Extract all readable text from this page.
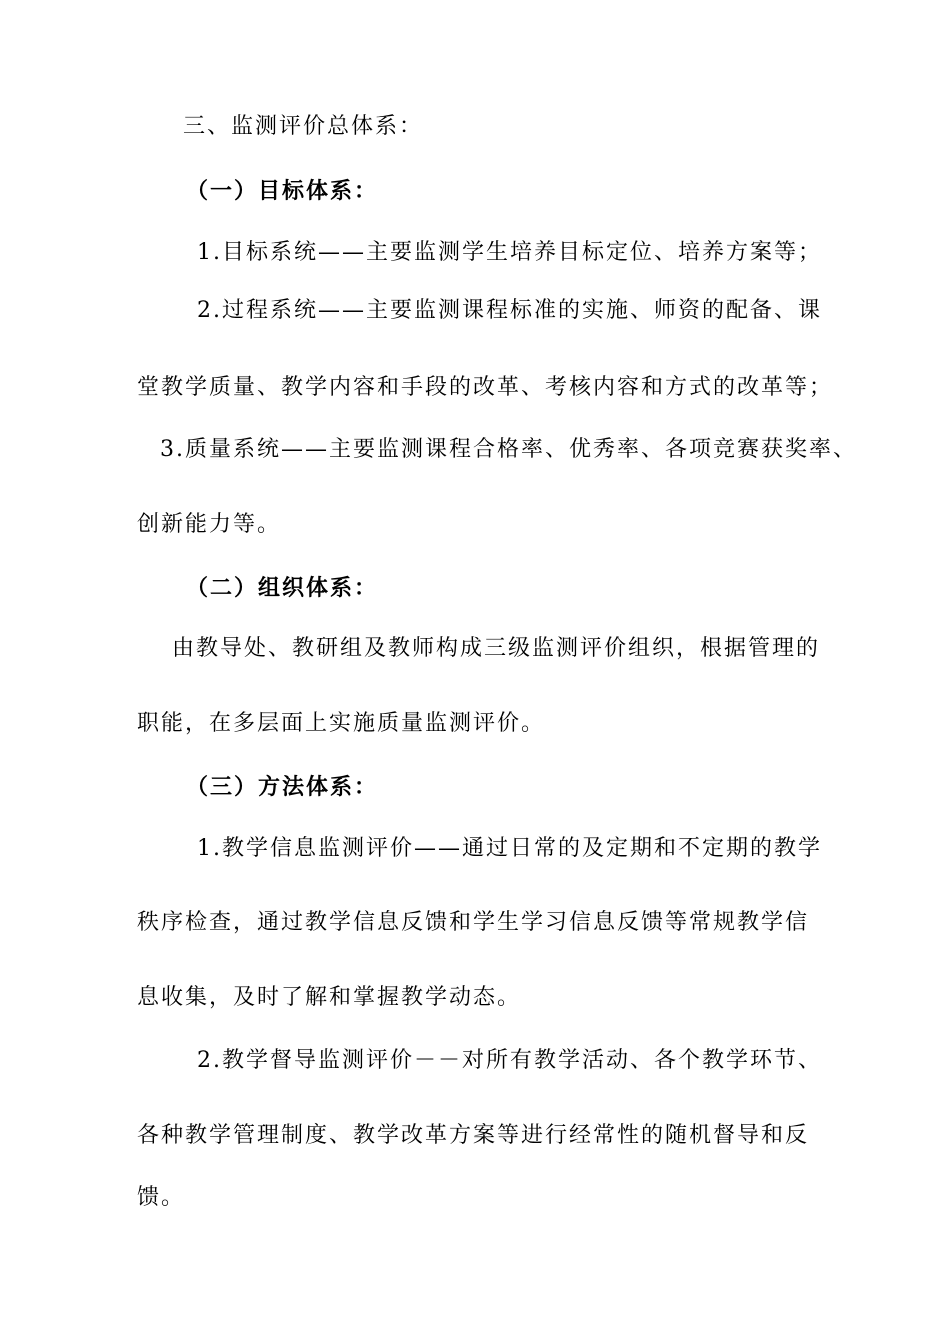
三、监测评价总体系：
（一）目标体系：
1.目标系统——主要监测学生培养目标定位、培养方案等；
2.过程系统——主要监测课程标准的实施、师资的配备、课
堂教学质量、教学内容和手段的改革、考核内容和方式的改革等；
3.质量系统——主要监测课程合格率、优秀率、各项竞赛获奖率、
创新能力等。
（二）组织体系：
由教导处、教研组及教师构成三级监测评价组织，根据管理的
职能，在多层面上实施质量监测评价。
（三）方法体系：
1.教学信息监测评价——通过日常的及定期和不定期的教学
秩序检查，通过教学信息反馈和学生学习信息反馈等常规教学信
息收集，及时了解和掌握教学动态。
2.教学督导监测评价－－对所有教学活动、各个教学环节、
各种教学管理制度、教学改革方案等进行经常性的随机督导和反
馈。
